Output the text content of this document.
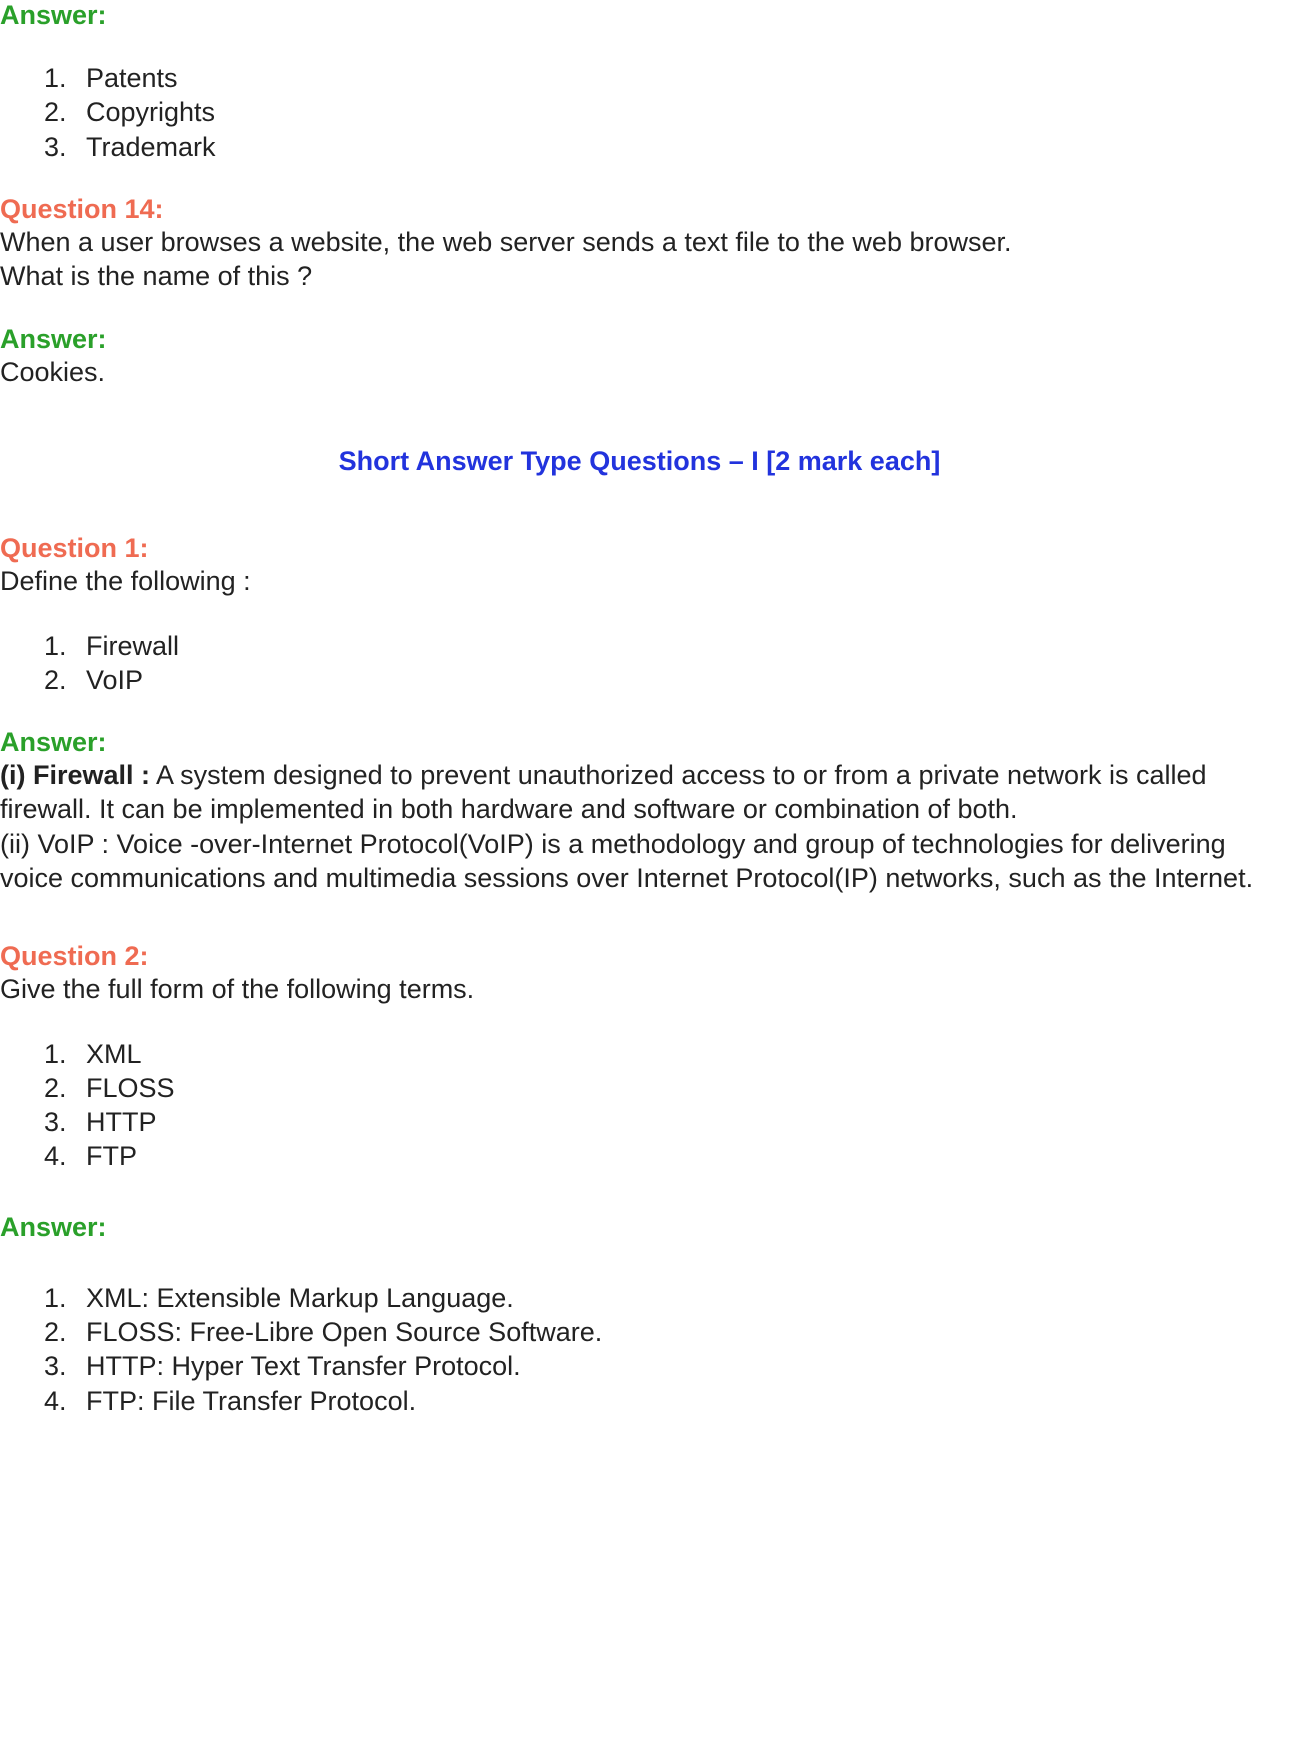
Answer:
1. Patents
2. Copyrights
3. Trademark
Question 14:
When a user browses a website, the web server sends a text file to the web browser.
What is the name of this ?
Answer:
Cookies.
Short Answer Type Questions – I [2 mark each]
Question 1:
Define the following :
1. Firewall
2. VoIP
Answer:
(i) Firewall : A system designed to prevent unauthorized access to or from a private network is called firewall. It can be implemented in both hardware and software or combination of both.
(ii) VoIP : Voice -over-Internet Protocol(VoIP) is a methodology and group of technologies for delivering voice communications and multimedia sessions over Internet Protocol(IP) networks, such as the Internet.
Question 2:
Give the full form of the following terms.
1. XML
2. FLOSS
3. HTTP
4. FTP
Answer:
1. XML: Extensible Markup Language.
2. FLOSS: Free-Libre Open Source Software.
3. HTTP: Hyper Text Transfer Protocol.
4. FTP: File Transfer Protocol.
